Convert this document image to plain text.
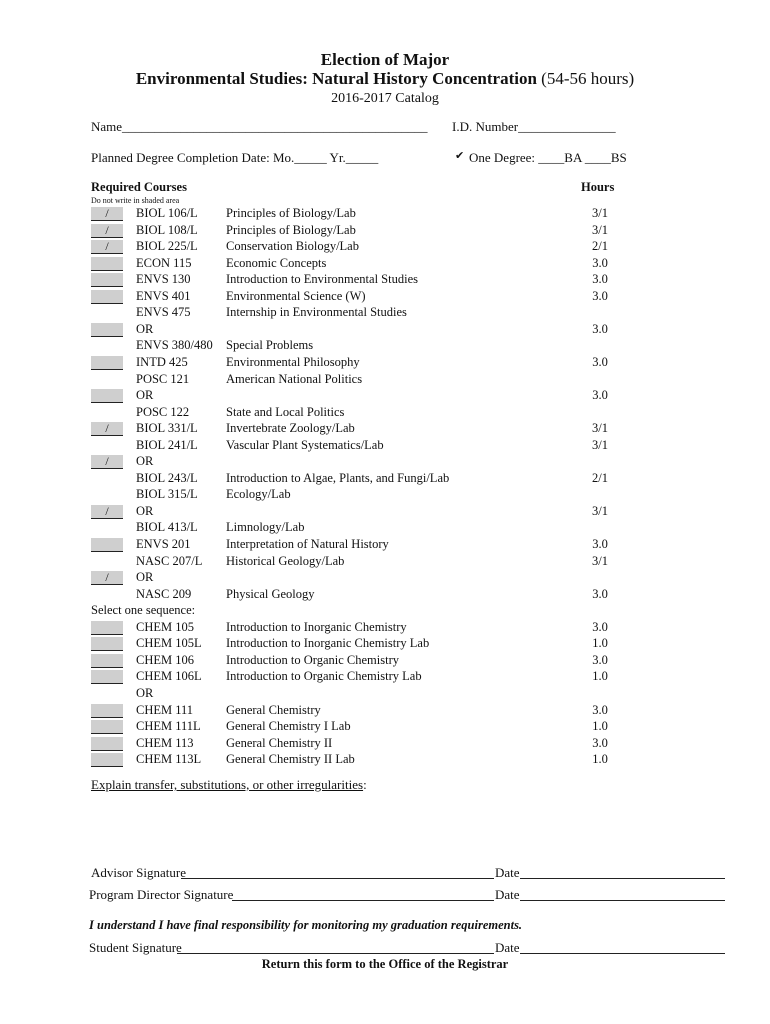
Election of Major
Environmental Studies: Natural History Concentration (54-56 hours)
2016-2017 Catalog
Name_______________________________________________ I.D. Number_______________
Planned Degree Completion Date: Mo._____ Yr._____	✔ One Degree: ____BA ____BS
Required Courses
Do not write in shaded area
Hours
/	BIOL 106/L Principles of Biology/Lab	3/1
/	BIOL 108/L Principles of Biology/Lab	3/1
/	BIOL 225/L Conservation Biology/Lab	2/1
ECON 115	Economic Concepts	3.0
ENVS 130	Introduction to Environmental Studies	3.0
ENVS 401	Environmental Science (W)	3.0
ENVS 475	Internship in Environmental Studies
OR	3.0
ENVS 380/480 Special Problems
INTD 425	Environmental Philosophy	3.0
POSC 121	American National Politics
OR	3.0
POSC 122	State and Local Politics
/	BIOL 331/L Invertebrate Zoology/Lab	3/1
BIOL 241/L Vascular Plant Systematics/Lab	3/1
/	OR
BIOL 243/L Introduction to Algae, Plants, and Fungi/Lab	2/1
BIOL 315/L Ecology/Lab
/	OR	3/1
BIOL 413/L Limnology/Lab
ENVS 201	Interpretation of Natural History	3.0
NASC 207/L Historical Geology/Lab	3/1
/	OR
NASC 209	Physical Geology	3.0
Select one sequence:
CHEM 105	Introduction to Inorganic Chemistry	3.0
CHEM 105L Introduction to Inorganic Chemistry Lab	1.0
CHEM 106	Introduction to Organic Chemistry	3.0
CHEM 106L Introduction to Organic Chemistry Lab	1.0
OR
CHEM 111	General Chemistry	3.0
CHEM 111L General Chemistry I Lab	1.0
CHEM 113	General Chemistry II	3.0
CHEM 113L General Chemistry II Lab	1.0
Explain transfer, substitutions, or other irregularities:
Advisor Signature	Date
Program Director Signature	Date
I understand I have final responsibility for monitoring my graduation requirements.
Student Signature	Date
Return this form to the Office of the Registrar
